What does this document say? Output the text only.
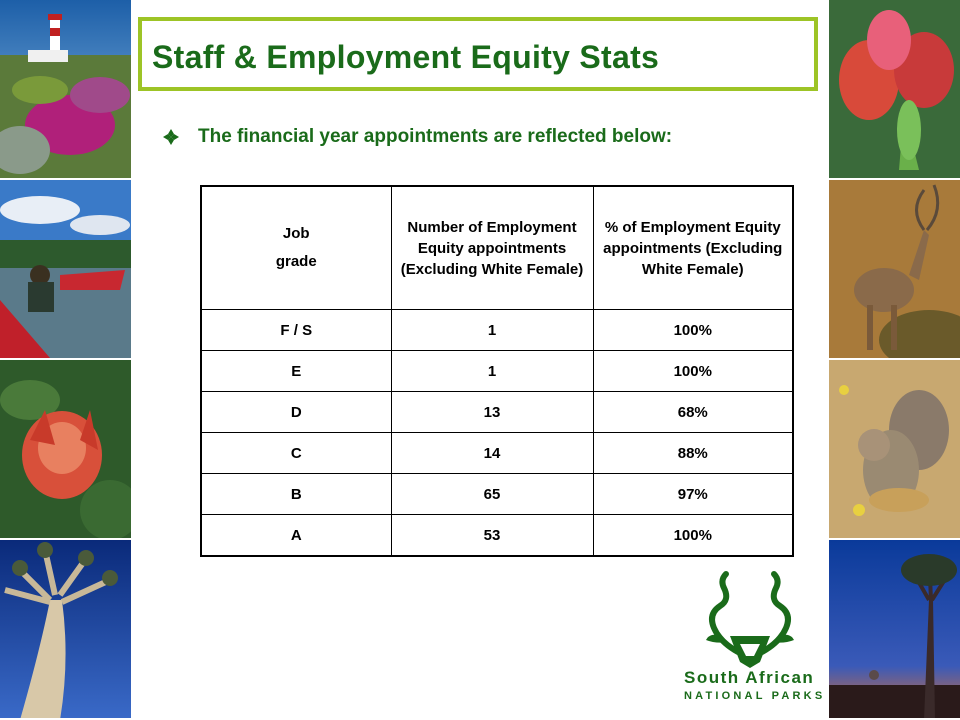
Staff & Employment Equity Stats
The financial year appointments are reflected below:
Job
grade	Number of Employment Equity appointments (Excluding White Female)	% of Employment Equity appointments (Excluding White Female)
F / S	1	100%
E	1	100%
D	13	68%
C	14	88%
B	65	97%
A	53	100%
South African
NATIONAL PARKS
